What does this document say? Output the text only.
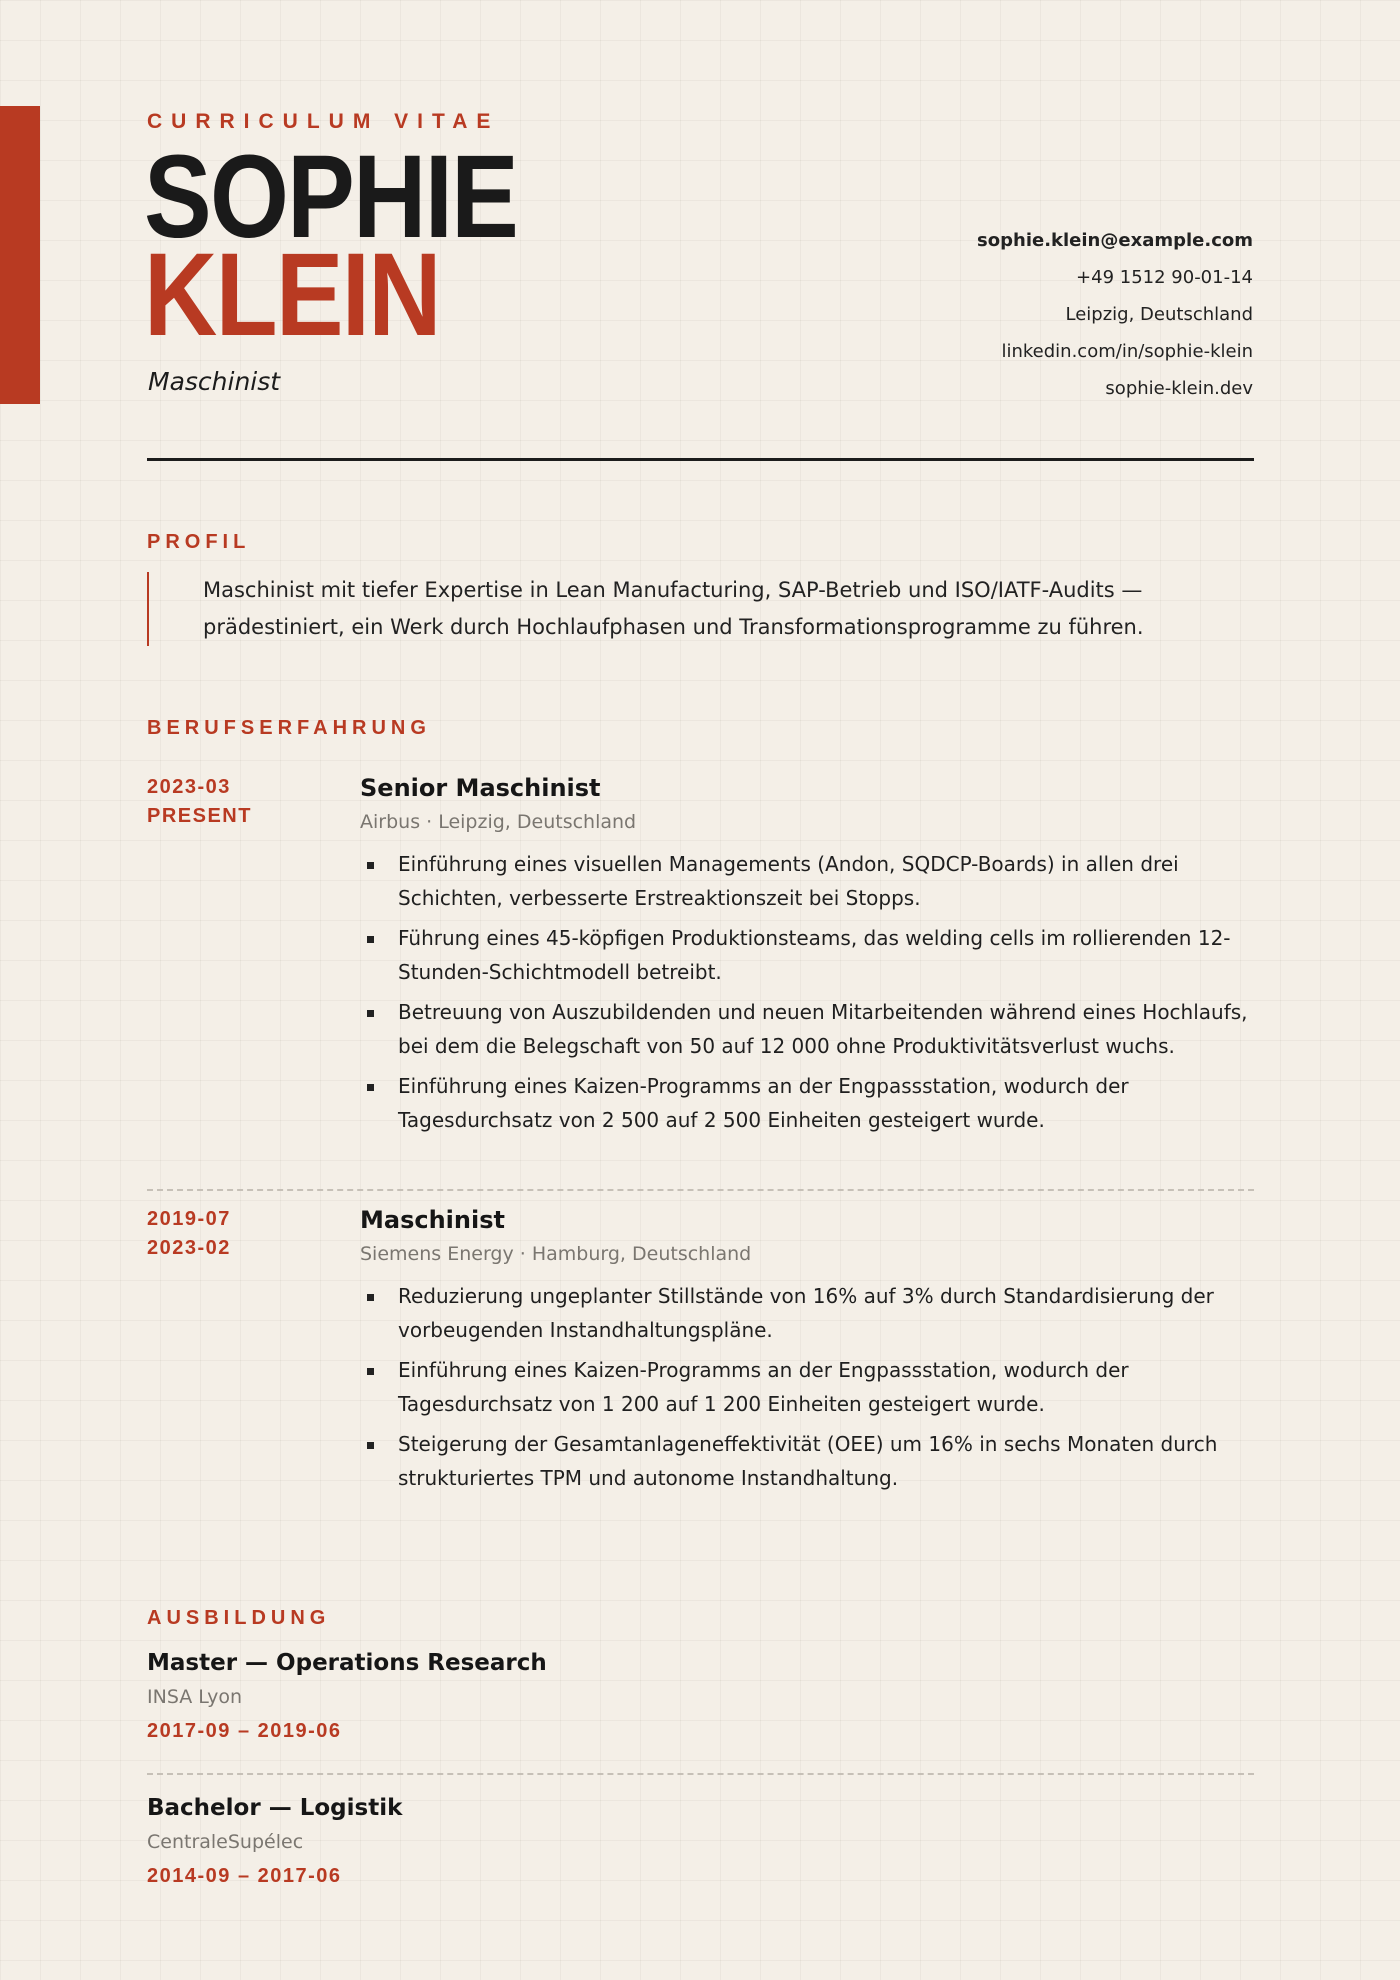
CURRICULUM VITAE
SOPHIE
KLEIN
Maschinist
sophie.klein@example.com
+49 1512 90-01-14
Leipzig, Deutschland
linkedin.com/in/sophie-klein
sophie-klein.dev
PROFIL
Maschinist mit tiefer Expertise in Lean Manufacturing, SAP-Betrieb und ISO/IATF-Audits — prädestiniert, ein Werk durch Hochlaufphasen und Transformationsprogramme zu führen.
BERUFSERFAHRUNG
2023-03
PRESENT
Senior Maschinist
Airbus · Leipzig, Deutschland
Einführung eines visuellen Managements (Andon, SQDCP-Boards) in allen drei Schichten, verbesserte Erstreaktionszeit bei Stopps.
Führung eines 45-köpfigen Produktionsteams, das welding cells im rollierenden 12-Stunden-Schichtmodell betreibt.
Betreuung von Auszubildenden und neuen Mitarbeitenden während eines Hochlaufs, bei dem die Belegschaft von 50 auf 12 000 ohne Produktivitätsverlust wuchs.
Einführung eines Kaizen-Programms an der Engpassstation, wodurch der Tagesdurchsatz von 2 500 auf 2 500 Einheiten gesteigert wurde.
2019-07
2023-02
Maschinist
Siemens Energy · Hamburg, Deutschland
Reduzierung ungeplanter Stillstände von 16% auf 3% durch Standardisierung der vorbeugenden Instandhaltungspläne.
Einführung eines Kaizen-Programms an der Engpassstation, wodurch der Tagesdurchsatz von 1 200 auf 1 200 Einheiten gesteigert wurde.
Steigerung der Gesamtanlageneffektivität (OEE) um 16% in sechs Monaten durch strukturiertes TPM und autonome Instandhaltung.
AUSBILDUNG
Master — Operations Research
INSA Lyon
2017-09 – 2019-06
Bachelor — Logistik
CentraleSupélec
2014-09 – 2017-06
